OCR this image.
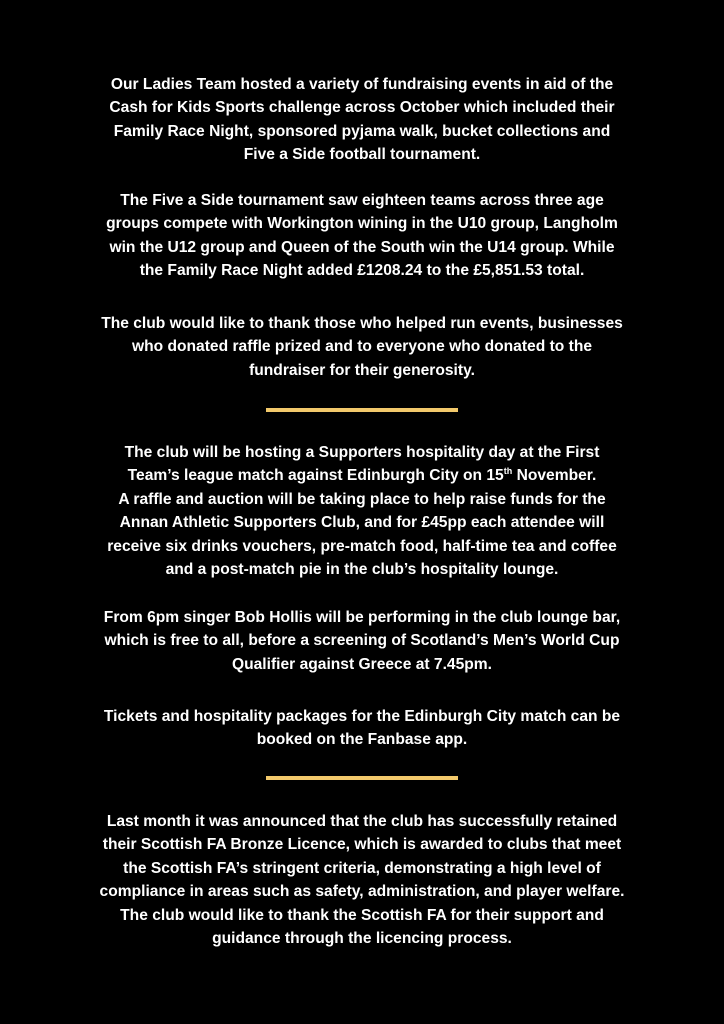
Our Ladies Team hosted a variety of fundraising events in aid of the
Cash for Kids Sports challenge across October which included their
Family Race Night, sponsored pyjama walk, bucket collections and
Five a Side football tournament.

The Five a Side tournament saw eighteen teams across three age
groups compete with Workington wining in the U10 group, Langholm
win the U12 group and Queen of the South win the U14 group. While
the Family Race Night added £1208.24 to the £5,851.53 total.

The club would like to thank those who helped run events, businesses
who donated raffle prized and to everyone who donated to the
fundraiser for their generosity.

The club will be hosting a Supporters hospitality day at the First
Team’s league match against Edinburgh City on 15th November.
A raffle and auction will be taking place to help raise funds for the
Annan Athletic Supporters Club, and for £45pp each attendee will
receive six drinks vouchers, pre-match food, half-time tea and coffee
and a post-match pie in the club’s hospitality lounge.

From 6pm singer Bob Hollis will be performing in the club lounge bar,
which is free to all, before a screening of Scotland’s Men’s World Cup
Qualifier against Greece at 7.45pm.

Tickets and hospitality packages for the Edinburgh City match can be
booked on the Fanbase app.

Last month it was announced that the club has successfully retained
their Scottish FA Bronze Licence, which is awarded to clubs that meet
the Scottish FA’s stringent criteria, demonstrating a high level of
compliance in areas such as safety, administration, and player welfare.
The club would like to thank the Scottish FA for their support and
guidance through the licencing process.
